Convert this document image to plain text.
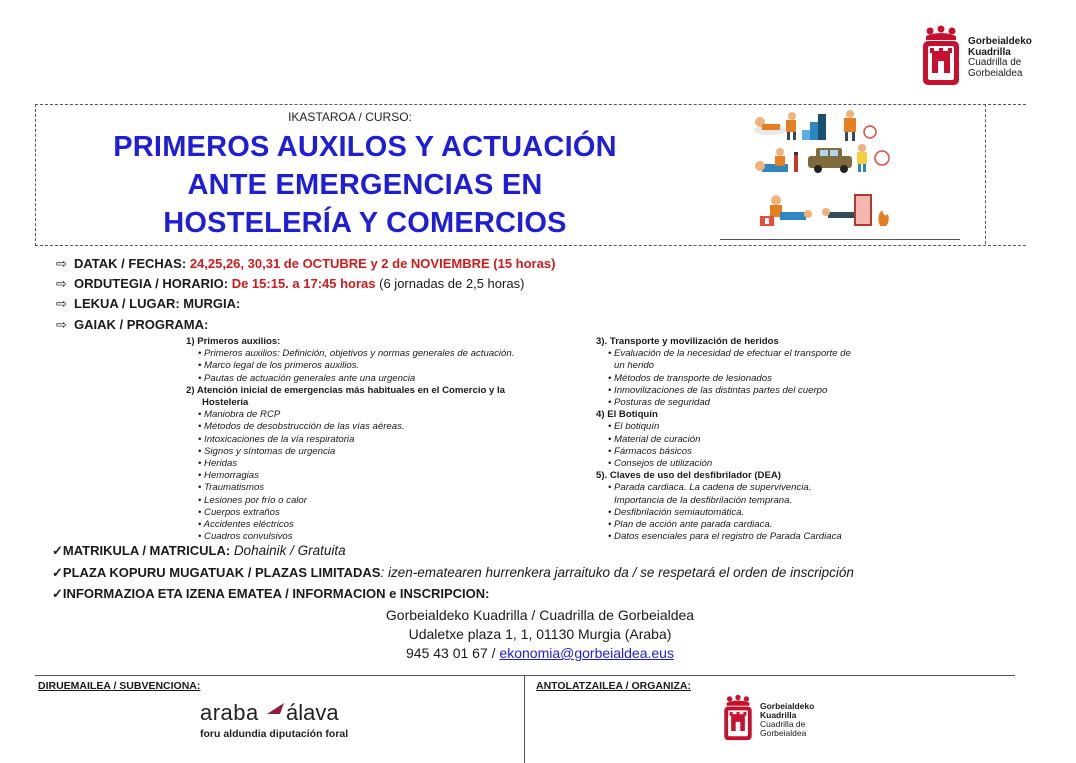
Gorbeialdeko
Kuadrilla
Cuadrilla de
Gorbeialdea
IKASTAROA / CURSO:
PRIMEROS AUXILOS Y ACTUACIÓN
ANTE EMERGENCIAS EN
HOSTELERÍA Y COMERCIOS
⇨ DATAK / FECHAS: 24,25,26, 30,31 de OCTUBRE y 2 de NOVIEMBRE (15 horas)
⇨ ORDUTEGIA / HORARIO: De 15:15. a 17:45 horas (6 jornadas de 2,5 horas)
⇨ LEKUA / LUGAR: MURGIA:
⇨ GAIAK / PROGRAMA:
1) Primeros auxilios:
• Primeros auxilios: Definición, objetivos y normas generales de actuación.
• Marco legal de los primeros auxilios.
• Pautas de actuación generales ante una urgencia
2) Atención inicial de emergencias más habituales en el Comercio y la
Hostelería
• Maniobra de RCP
• Métodos de desobstrucción de las vías aéreas.
• Intoxicaciones de la vía respiratoria
• Signos y síntomas de urgencia
• Heridas
• Hemorragias
• Traumatismos
• Lesiones por frío o calor
• Cuerpos extraños
• Accidentes eléctricos
• Cuadros convulsivos
3). Transporte y movilización de heridos
• Evaluación de la necesidad de efectuar el transporte de
un herido
• Métodos de transporte de lesionados
• Inmovilizaciones de las distintas partes del cuerpo
• Posturas de seguridad
4) El Botiquín
• El botiquín
• Material de curación
• Fármacos básicos
• Consejos de utilización
5). Claves de uso del desfibrilador (DEA)
• Parada cardiaca. La cadena de supervivencia.
Importancia de la desfibrilación temprana.
• Desfibrilación semiautomática.
• Plan de acción ante parada cardiaca.
• Datos esenciales para el registro de Parada Cardiaca
✓MATRIKULA / MATRICULA: Dohainik / Gratuita
✓PLAZA KOPURU MUGATUAK / PLAZAS LIMITADAS: izen-ematearen hurrenkera jarraituko da / se respetará el orden de inscripción
✓INFORMAZIOA ETA IZENA EMATEA / INFORMACION e INSCRIPCION:
Gorbeialdeko Kuadrilla / Cuadrilla de Gorbeialdea
Udaletxe plaza 1, 1, 01130 Murgia (Araba)
945 43 01 67 / ekonomia@gorbeialdea.eus
DIRUEMAILEA / SUBVENCIONA:	ANTOLATZAILEA / ORGANIZA:
araba álava
foru aldundia diputación foral
Gorbeialdeko
Kuadrilla
Cuadrilla de
Gorbeialdea
